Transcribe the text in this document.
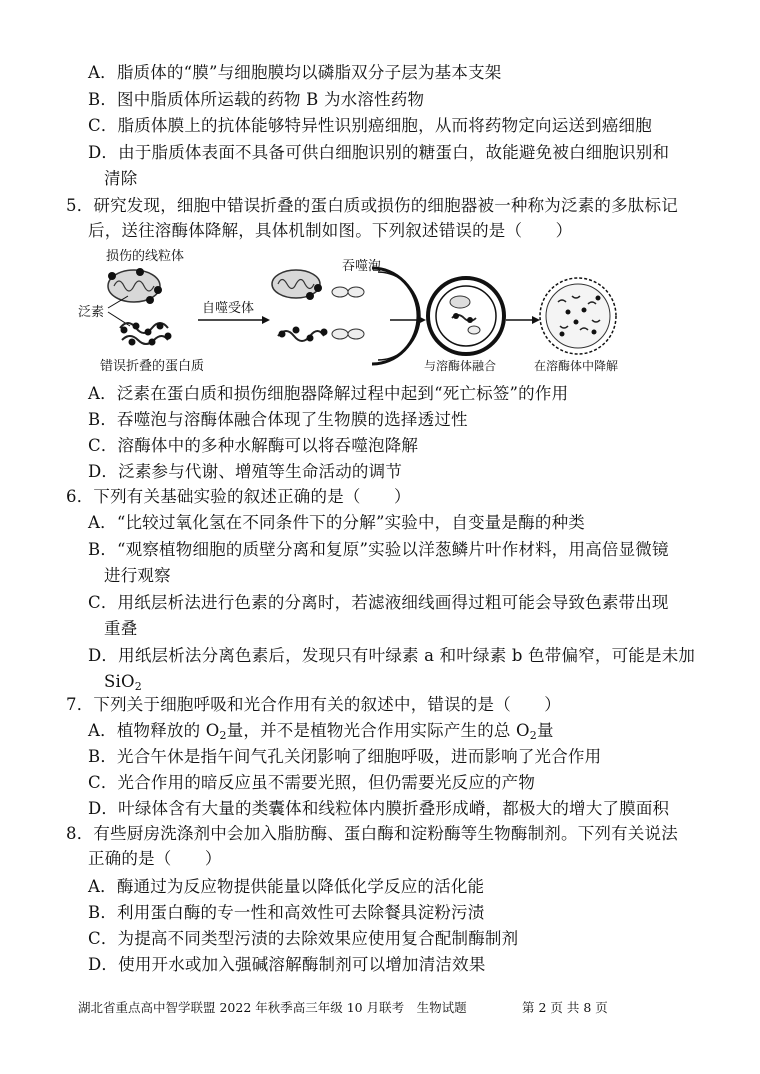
A．脂质体的“膜”与细胞膜均以磷脂双分子层为基本支架
B．图中脂质体所运载的药物 B 为水溶性药物
C．脂质体膜上的抗体能够特异性识别癌细胞，从而将药物定向运送到癌细胞
D．由于脂质体表面不具备可供白细胞识别的糖蛋白，故能避免被白细胞识别和
清除
5．研究发现，细胞中错误折叠的蛋白质或损伤的细胞器被一种称为泛素的多肽标记
后，送往溶酶体降解，具体机制如图。下列叙述错误的是（　　）
损伤的线粒体
泛素
错误折叠的蛋白质
自噬受体
吞噬泡
与溶酶体融合	在溶酶体中降解
A．泛素在蛋白质和损伤细胞器降解过程中起到“死亡标签”的作用
B．吞噬泡与溶酶体融合体现了生物膜的选择透过性
C．溶酶体中的多种水解酶可以将吞噬泡降解
D．泛素参与代谢、增殖等生命活动的调节
6．下列有关基础实验的叙述正确的是（　　）
A．“比较过氧化氢在不同条件下的分解”实验中，自变量是酶的种类
B．“观察植物细胞的质壁分离和复原”实验以洋葱鳞片叶作材料，用高倍显微镜
进行观察
C．用纸层析法进行色素的分离时，若滤液细线画得过粗可能会导致色素带出现
重叠
D．用纸层析法分离色素后，发现只有叶绿素 a 和叶绿素 b 色带偏窄，可能是未加
SiO$_2$
7．下列关于细胞呼吸和光合作用有关的叙述中，错误的是（　　）
A．植物释放的 $O_2$量，并不是植物光合作用实际产生的总 $O_2$量
B．光合午休是指午间气孔关闭影响了细胞呼吸，进而影响了光合作用
C．光合作用的暗反应虽不需要光照，但仍需要光反应的产物
D．叶绿体含有大量的类囊体和线粒体内膜折叠形成嵴，都极大的增大了膜面积
8．有些厨房洗涤剂中会加入脂肪酶、蛋白酶和淀粉酶等生物酶制剂。下列有关说法
正确的是（　　）
A．酶通过为反应物提供能量以降低化学反应的活化能
B．利用蛋白酶的专一性和高效性可去除餐具淀粉污渍
C．为提高不同类型污渍的去除效果应使用复合配制酶制剂
D．使用开水或加入强碱溶解酶制剂可以增加清洁效果
湖北省重点高中智学联盟 2022 年秋季高三年级 10 月联考　生物试题	第 2 页 共 8 页
